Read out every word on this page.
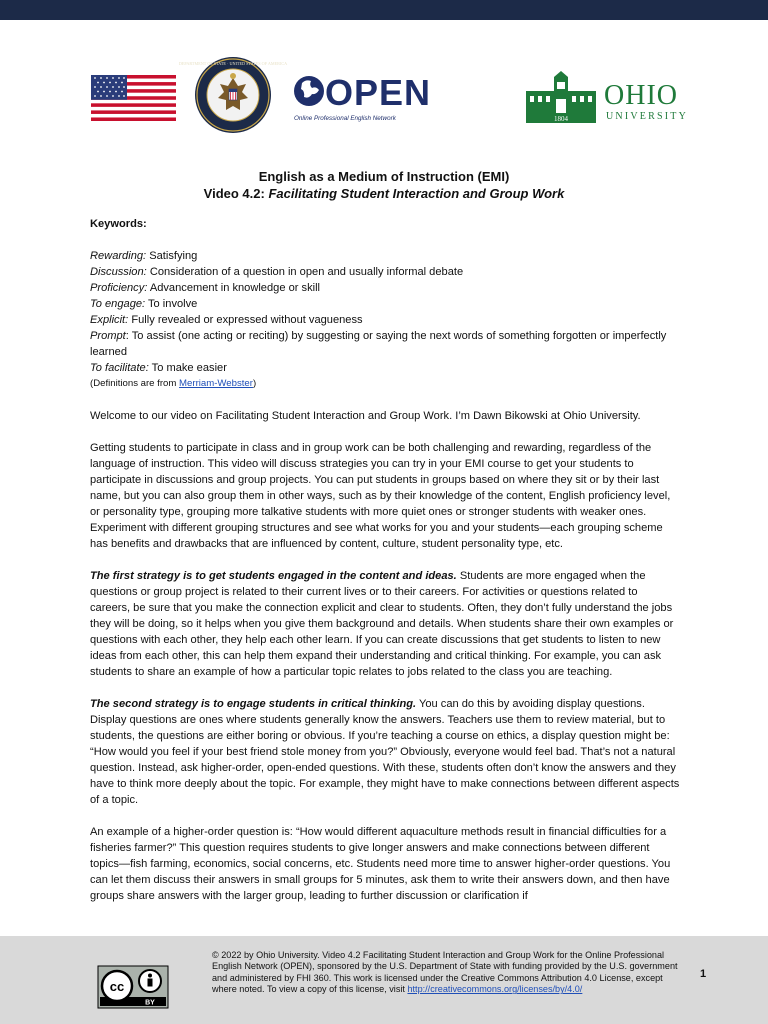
DEPARTMENT OF STATE · UNITED STATES OF AMERICA
OPEN
Online Professional English Network	1804
OHIO
UNIVERSITY
English as a Medium of Instruction (EMI)
Video 4.2: Facilitating Student Interaction and Group Work

Keywords:

Rewarding: Satisfying

Discussion: Consideration of a question in open and usually informal debate

Proficiency: Advancement in knowledge or skill

To engage: To involve

Explicit: Fully revealed or expressed without vagueness

Prompt: To assist (one acting or reciting) by suggesting or saying the next words of something forgotten or imperfectly learned

To facilitate: To make easier

(Definitions are from Merriam-Webster)

Welcome to our video on Facilitating Student Interaction and Group Work. I’m Dawn Bikowski at Ohio University.

Getting students to participate in class and in group work can be both challenging and rewarding, regardless of the language of instruction. This video will discuss strategies you can try in your EMI course to get your students to participate in discussions and group projects. You can put students in groups based on where they sit or by their last name, but you can also group them in other ways, such as by their knowledge of the content, English proficiency level, or personality type, grouping more talkative students with more quiet ones or stronger students with weaker ones. Experiment with different grouping structures and see what works for you and your students—each grouping scheme has benefits and drawbacks that are influenced by content, culture, student personality type, etc.

The first strategy is to get students engaged in the content and ideas. Students are more engaged when the questions or group project is related to their current lives or to their careers. For activities or questions related to careers, be sure that you make the connection explicit and clear to students. Often, they don’t fully understand the jobs they will be doing, so it helps when you give them background and details. When students share their own examples or questions with each other, they help each other learn. If you can create discussions that get students to listen to new ideas from each other, this can help them expand their understanding and critical thinking. For example, you can ask students to share an example of how a particular topic relates to jobs related to the class you are teaching.

The second strategy is to engage students in critical thinking. You can do this by avoiding display questions. Display questions are ones where students generally know the answers. Teachers use them to review material, but to students, the questions are either boring or obvious. If you’re teaching a course on ethics, a display question might be: “How would you feel if your best friend stole money from you?” Obviously, everyone would feel bad. That’s not a natural question. Instead, ask higher-order, open-ended questions. With these, students often don’t know the answers and they have to think more deeply about the topic. For example, they might have to make connections between different aspects of a topic.

An example of a higher-order question is: “How would different aquaculture methods result in financial difficulties for a fisheries farmer?” This question requires students to give longer answers and make connections between different topics—fish farming, economics, social concerns, etc. Students need more time to answer higher-order questions. You can let them discuss their answers in small groups for 5 minutes, ask them to write their answers down, and then have groups share answers with the larger group, leading to further discussion or clarification if

cc
BY
© 2022 by Ohio University. Video 4.2 Facilitating Student Interaction and Group Work for the Online Professional English Network (OPEN), sponsored by the U.S. Department of State with funding provided by the U.S. government and administered by FHI 360. This work is licensed under the Creative Commons Attribution 4.0 License, except where noted. To view a copy of this license, visit http://creativecommons.org/licenses/by/4.0/
1
